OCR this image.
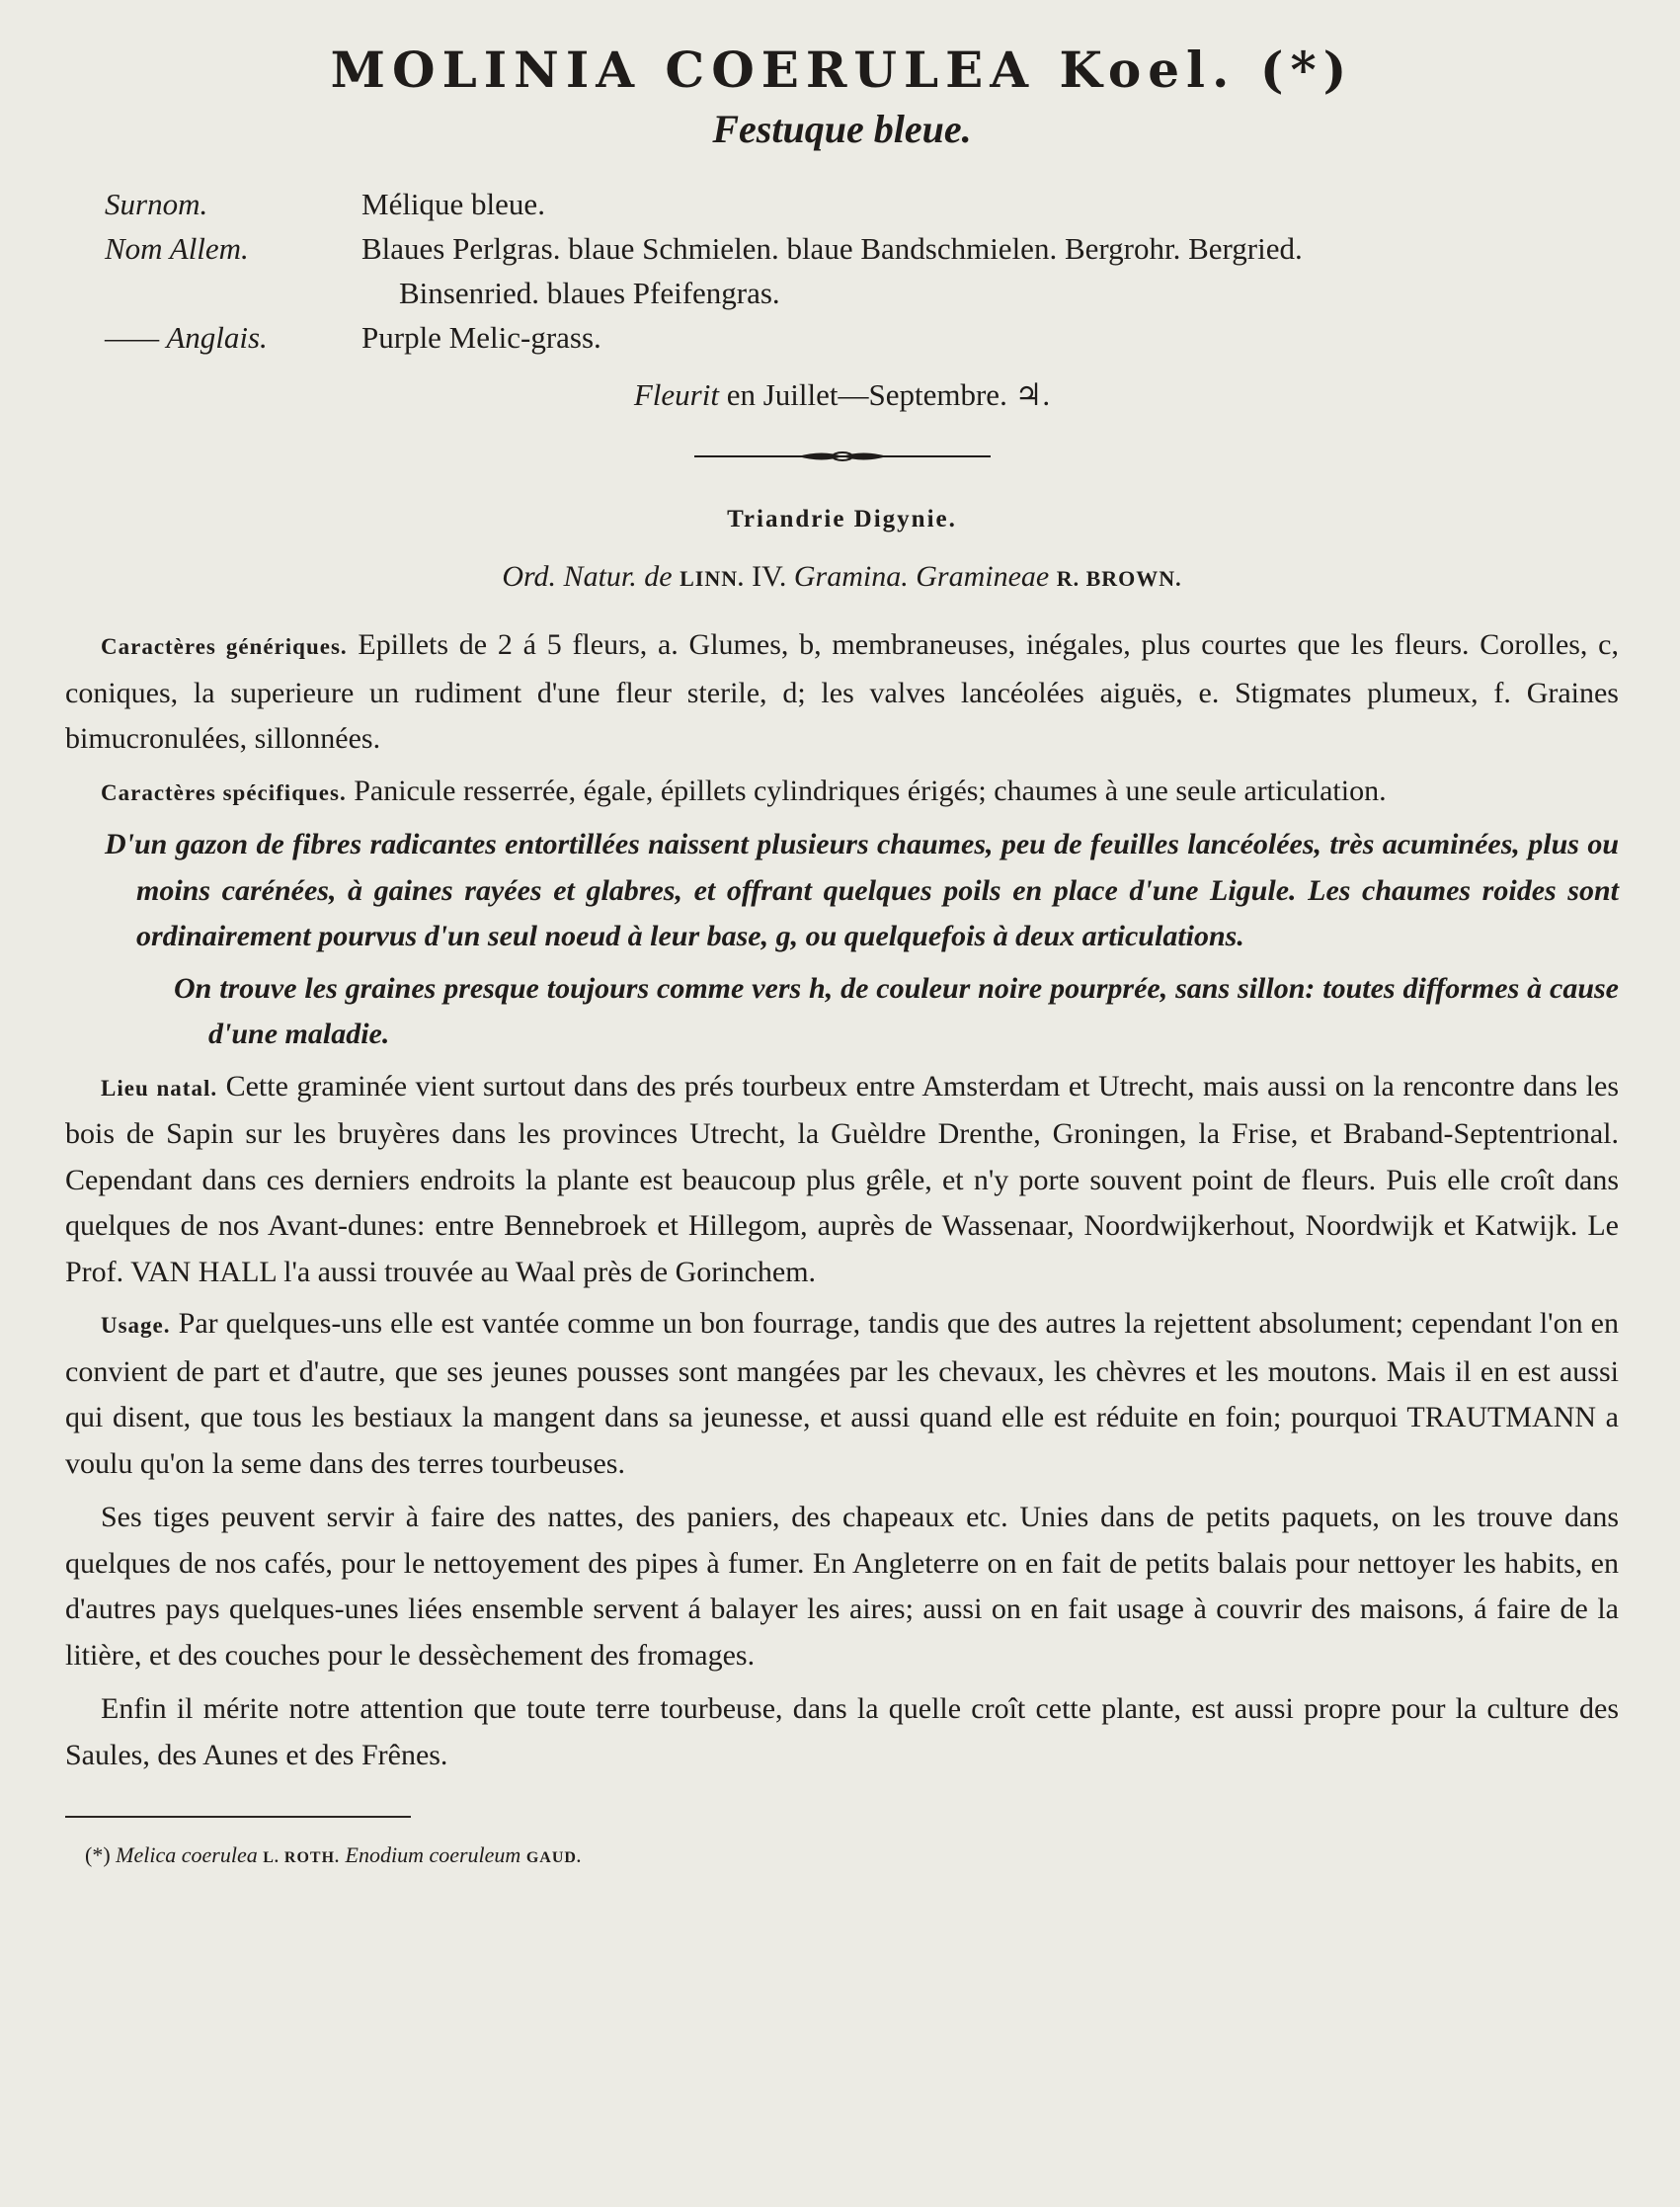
MOLINIA COERULEA Koel. (*)
Festuque bleue.
Surnom.	Mélique bleue.
Nom Allem.	Blaues Perlgras. blaue Schmielen. blaue Bandschmielen. Bergrohr. Bergried.
Binsenried. blaues Pfeifengras.
—— Anglais.	Purple Melic-grass.
Fleurit en Juillet—Septembre. ♃.
Triandrie Digynie.
Ord. Natur. de LINN. IV. Gramina. Gramineae R. BROWN.

Caractères génériques. Epillets de 2 á 5 fleurs, a. Glumes, b, membraneuses, inégales, plus courtes que les fleurs. Corolles, c, coniques, la superieure un rudiment d'une fleur sterile, d; les valves lancéolées aiguës, e. Stigmates plumeux, f. Graines bimucronulées, sillonnées.

Caractères spécifiques. Panicule resserrée, égale, épillets cylindriques érigés; chaumes à une seule articulation.

D'un gazon de fibres radicantes entortillées naissent plusieurs chaumes, peu de feuilles lancéolées, très acuminées, plus ou moins carénées, à gaines rayées et glabres, et offrant quelques poils en place d'une Ligule. Les chaumes roides sont ordinairement pourvus d'un seul noeud à leur base, g, ou quelquefois à deux articulations.

On trouve les graines presque toujours comme vers h, de couleur noire pourprée, sans sillon: toutes difformes à cause d'une maladie.

Lieu natal. Cette graminée vient surtout dans des prés tourbeux entre Amsterdam et Utrecht, mais aussi on la rencontre dans les bois de Sapin sur les bruyères dans les provinces Utrecht, la Guèldre Drenthe, Groningen, la Frise, et Braband-Septentrional. Cependant dans ces derniers endroits la plante est beaucoup plus grêle, et n'y porte souvent point de fleurs. Puis elle croît dans quelques de nos Avant-dunes: entre Bennebroek et Hillegom, auprès de Wassenaar, Noordwijkerhout, Noordwijk et Katwijk. Le Prof. VAN HALL l'a aussi trouvée au Waal près de Gorinchem.

Usage. Par quelques-uns elle est vantée comme un bon fourrage, tandis que des autres la rejettent absolument; cependant l'on en convient de part et d'autre, que ses jeunes pousses sont mangées par les chevaux, les chèvres et les moutons. Mais il en est aussi qui disent, que tous les bestiaux la mangent dans sa jeunesse, et aussi quand elle est réduite en foin; pourquoi TRAUTMANN a voulu qu'on la seme dans des terres tourbeuses.

Ses tiges peuvent servir à faire des nattes, des paniers, des chapeaux etc. Unies dans de petits paquets, on les trouve dans quelques de nos cafés, pour le nettoyement des pipes à fumer. En Angleterre on en fait de petits balais pour nettoyer les habits, en d'autres pays quelques-unes liées ensemble servent á balayer les aires; aussi on en fait usage à couvrir des maisons, á faire de la litière, et des couches pour le dessèchement des fromages.

Enfin il mérite notre attention que toute terre tourbeuse, dans la quelle croît cette plante, est aussi propre pour la culture des Saules, des Aunes et des Frênes.

(*) Melica coerulea L. ROTH. Enodium coeruleum GAUD.
